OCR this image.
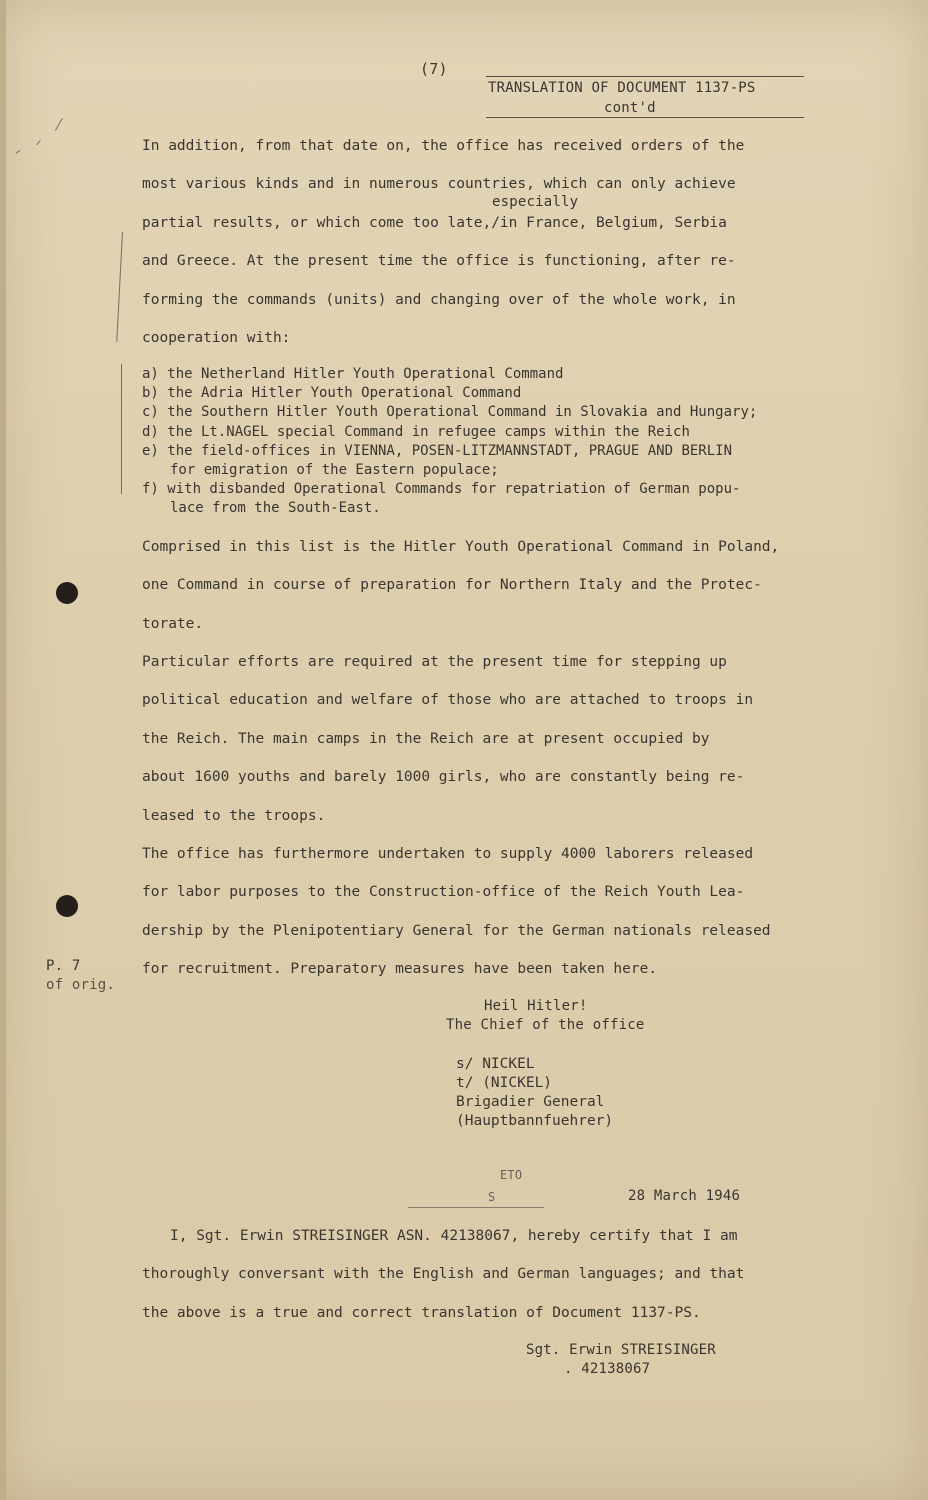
(7)
TRANSLATION OF DOCUMENT 1137-PS
cont'd
especially
In addition, from that date on, the office has received orders of the
most various kinds and in numerous countries, which can only achieve
partial results, or which come too late,/in France, Belgium, Serbia
and Greece. At the present time the office is functioning, after re-
forming the commands (units) and changing over of the whole work, in
cooperation with:
a) the Netherland Hitler Youth Operational Command
b) the Adria Hitler Youth Operational Command
c) the Southern Hitler Youth Operational Command in Slovakia and Hungary;
d) the Lt.NAGEL special Command in refugee camps within the Reich
e) the field-offices in VIENNA, POSEN-LITZMANNSTADT, PRAGUE AND BERLIN
for emigration of the Eastern populace;
f) with disbanded Operational Commands for repatriation of German popu-
lace from the South-East.
Comprised in this list is the Hitler Youth Operational Command in Poland,
one Command in course of preparation for Northern Italy and the Protec-
torate.
Particular efforts are required at the present time for stepping up
political education and welfare of those who are attached to troops in
the Reich. The main camps in the Reich are at present occupied by
about 1600 youths and barely 1000 girls, who are constantly being re-
leased to the troops.
The office has furthermore undertaken to supply 4000 laborers released
for labor purposes to the Construction-office of the Reich Youth Lea-
dership by the Plenipotentiary General for the German nationals released
for recruitment. Preparatory measures have been taken here.
P. 7
of orig.
Heil Hitler!
The Chief of the office
s/ NICKEL
t/ (NICKEL)
Brigadier General
(Hauptbannfuehrer)
ETO
S	28 March 1946
I, Sgt. Erwin STREISINGER ASN. 42138067, hereby certify that I am
thoroughly conversant with the English and German languages; and that
the above is a true and correct translation of Document 1137-PS.
Sgt. Erwin STREISINGER
. 42138067
